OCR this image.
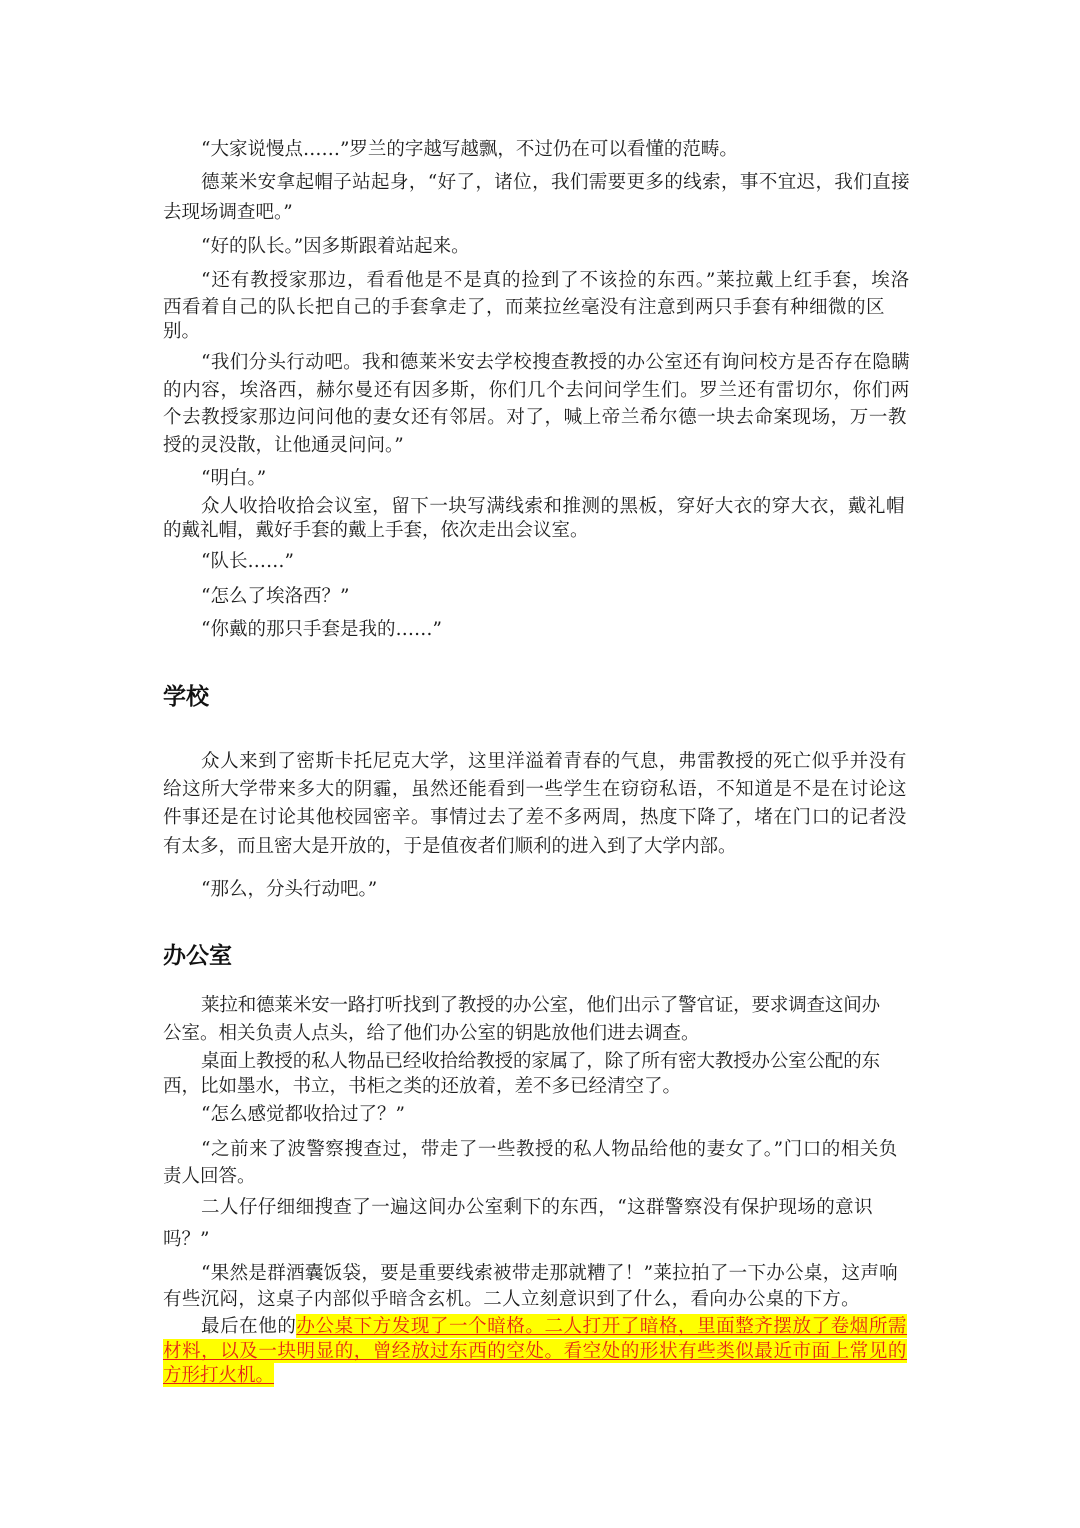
“大家说慢点……”罗兰的字越写越飘，不过仍在可以看懂的范畴。
德莱米安拿起帽子站起身，“好了，诸位，我们需要更多的线索，事不宜迟，我们直接
去现场调查吧。”
“好的队长。”因多斯跟着站起来。
“还有教授家那边，看看他是不是真的捡到了不该捡的东西。”莱拉戴上红手套，埃洛
西看着自己的队长把自己的手套拿走了，而莱拉丝毫没有注意到两只手套有种细微的区
别。
“我们分头行动吧。我和德莱米安去学校搜查教授的办公室还有询问校方是否存在隐瞒
的内容，埃洛西，赫尔曼还有因多斯，你们几个去问问学生们。罗兰还有雷切尔，你们两
个去教授家那边问问他的妻女还有邻居。对了，喊上帝兰希尔德一块去命案现场，万一教
授的灵没散，让他通灵问问。”
“明白。”
众人收拾收拾会议室，留下一块写满线索和推测的黑板，穿好大衣的穿大衣，戴礼帽
的戴礼帽，戴好手套的戴上手套，依次走出会议室。
“队长……”
“怎么了埃洛西？”
“你戴的那只手套是我的……”
学校
众人来到了密斯卡托尼克大学，这里洋溢着青春的气息，弗雷教授的死亡似乎并没有
给这所大学带来多大的阴霾，虽然还能看到一些学生在窃窃私语，不知道是不是在讨论这
件事还是在讨论其他校园密辛。事情过去了差不多两周，热度下降了，堵在门口的记者没
有太多，而且密大是开放的，于是值夜者们顺利的进入到了大学内部。
“那么，分头行动吧。”
办公室
莱拉和德莱米安一路打听找到了教授的办公室，他们出示了警官证，要求调查这间办
公室。相关负责人点头，给了他们办公室的钥匙放他们进去调查。
桌面上教授的私人物品已经收拾给教授的家属了，除了所有密大教授办公室公配的东
西，比如墨水，书立，书柜之类的还放着，差不多已经清空了。
“怎么感觉都收拾过了？”
“之前来了波警察搜查过，带走了一些教授的私人物品给他的妻女了。”门口的相关负
责人回答。
二人仔仔细细搜查了一遍这间办公室剩下的东西，“这群警察没有保护现场的意识
吗？”
“果然是群酒囊饭袋，要是重要线索被带走那就糟了！”莱拉拍了一下办公桌，这声响
有些沉闷，这桌子内部似乎暗含玄机。二人立刻意识到了什么，看向办公桌的下方。
最后在他的办公桌下方发现了一个暗格。二人打开了暗格，里面整齐摆放了卷烟所需
材料，以及一块明显的，曾经放过东西的空处。看空处的形状有些类似最近市面上常见的
方形打火机。
